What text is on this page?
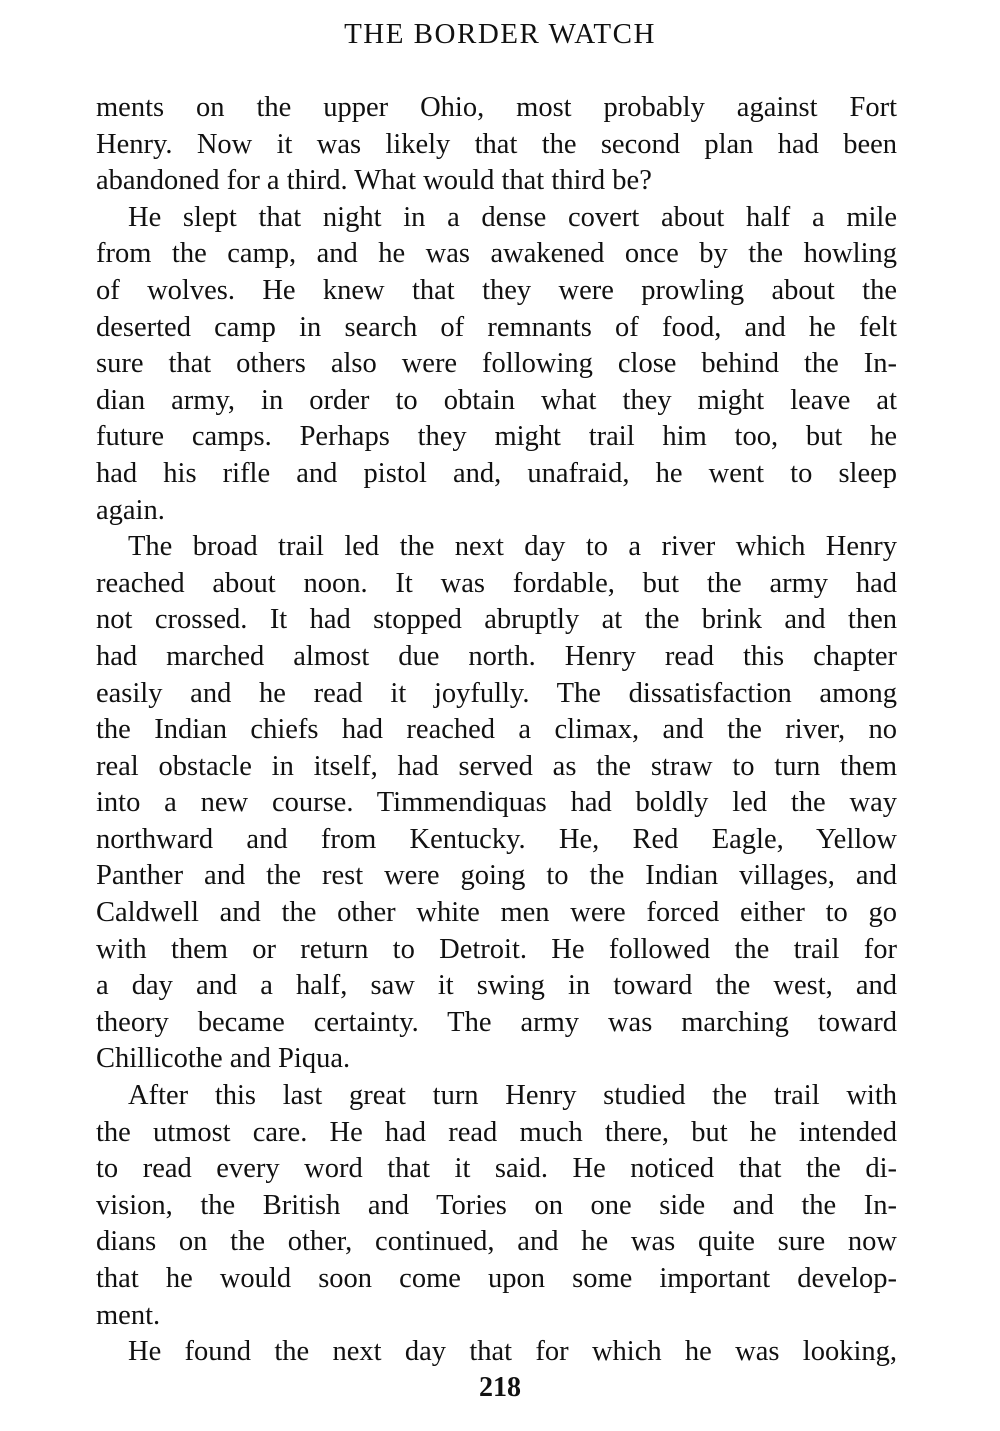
THE BORDER WATCH
ments on the upper Ohio, most probably against Fort
Henry. Now it was likely that the second plan had been
abandoned for a third. What would that third be?
He slept that night in a dense covert about half a mile
from the camp, and he was awakened once by the howling
of wolves. He knew that they were prowling about the
deserted camp in search of remnants of food, and he felt
sure that others also were following close behind the In-
dian army, in order to obtain what they might leave at
future camps. Perhaps they might trail him too, but he
had his rifle and pistol and, unafraid, he went to sleep
again.
The broad trail led the next day to a river which Henry
reached about noon. It was fordable, but the army had
not crossed. It had stopped abruptly at the brink and then
had marched almost due north. Henry read this chapter
easily and he read it joyfully. The dissatisfaction among
the Indian chiefs had reached a climax, and the river, no
real obstacle in itself, had served as the straw to turn them
into a new course. Timmendiquas had boldly led the way
northward and from Kentucky. He, Red Eagle, Yellow
Panther and the rest were going to the Indian villages, and
Caldwell and the other white men were forced either to go
with them or return to Detroit. He followed the trail for
a day and a half, saw it swing in toward the west, and
theory became certainty. The army was marching toward
Chillicothe and Piqua.
After this last great turn Henry studied the trail with
the utmost care. He had read much there, but he intended
to read every word that it said. He noticed that the di-
vision, the British and Tories on one side and the In-
dians on the other, continued, and he was quite sure now
that he would soon come upon some important develop-
ment.
He found the next day that for which he was looking,
218
